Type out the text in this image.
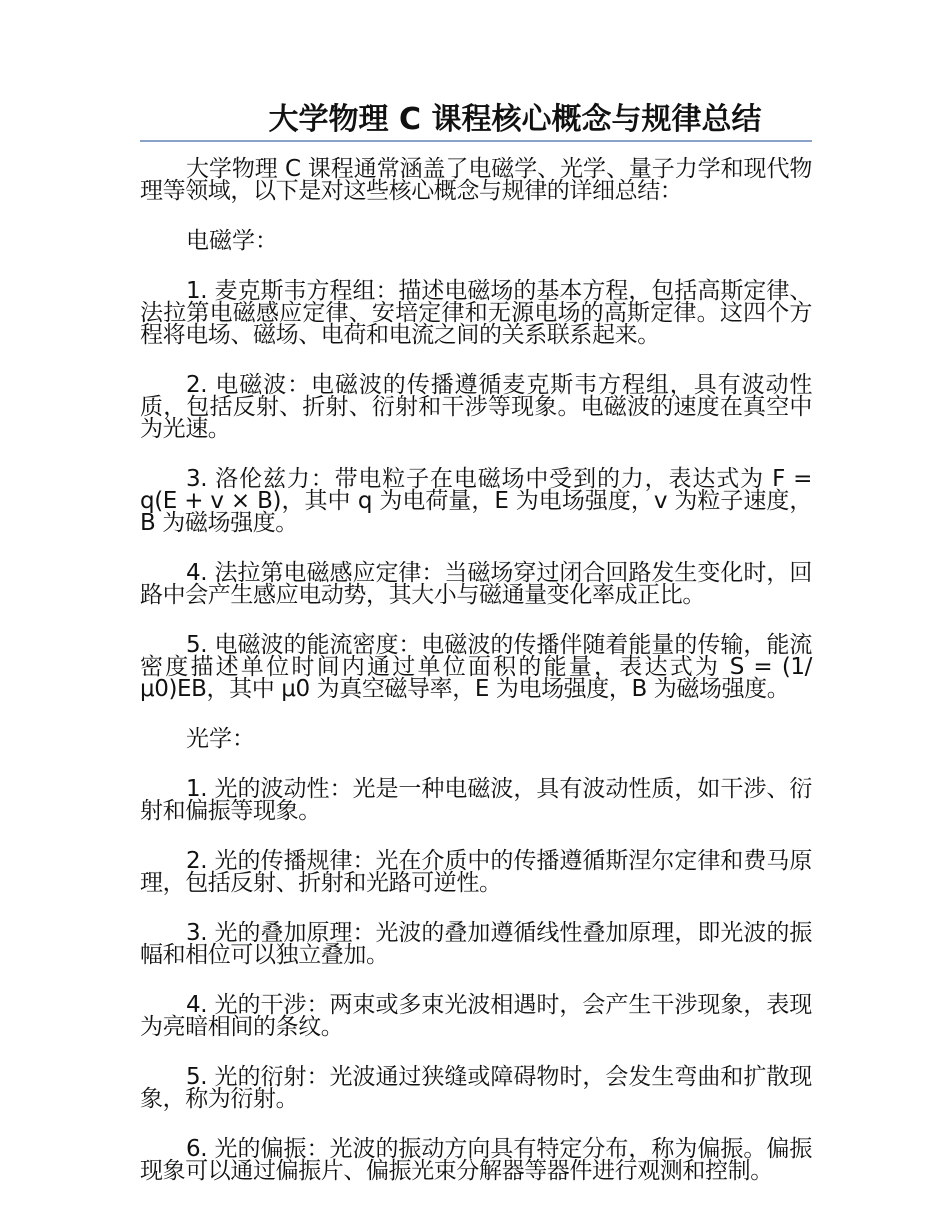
大学物理 C 课程核心概念与规律总结

大学物理 C 课程通常涵盖了电磁学、光学、量子力学和现代物理等领域，以下是对这些核心概念与规律的详细总结：

电磁学：

1. 麦克斯韦方程组：描述电磁场的基本方程，包括高斯定律、法拉第电磁感应定律、安培定律和无源电场的高斯定律。这四个方程将电场、磁场、电荷和电流之间的关系联系起来。

2. 电磁波：电磁波的传播遵循麦克斯韦方程组，具有波动性质，包括反射、折射、衍射和干涉等现象。电磁波的速度在真空中为光速。

3. 洛伦兹力：带电粒子在电磁场中受到的力，表达式为 F = q(E + v × B)，其中 q 为电荷量，E 为电场强度，v 为粒子速度，B 为磁场强度。

4. 法拉第电磁感应定律：当磁场穿过闭合回路发生变化时，回路中会产生感应电动势，其大小与磁通量变化率成正比。

5. 电磁波的能流密度：电磁波的传播伴随着能量的传输，能流密度描述单位时间内通过单位面积的能量，表达式为 S = (1/μ0)EB，其中 μ0 为真空磁导率，E 为电场强度，B 为磁场强度。

光学：

1. 光的波动性：光是一种电磁波，具有波动性质，如干涉、衍射和偏振等现象。

2. 光的传播规律：光在介质中的传播遵循斯涅尔定律和费马原理，包括反射、折射和光路可逆性。

3. 光的叠加原理：光波的叠加遵循线性叠加原理，即光波的振幅和相位可以独立叠加。

4. 光的干涉：两束或多束光波相遇时，会产生干涉现象，表现为亮暗相间的条纹。

5. 光的衍射：光波通过狭缝或障碍物时，会发生弯曲和扩散现象，称为衍射。

6. 光的偏振：光波的振动方向具有特定分布，称为偏振。偏振现象可以通过偏振片、偏振光束分解器等器件进行观测和控制。
